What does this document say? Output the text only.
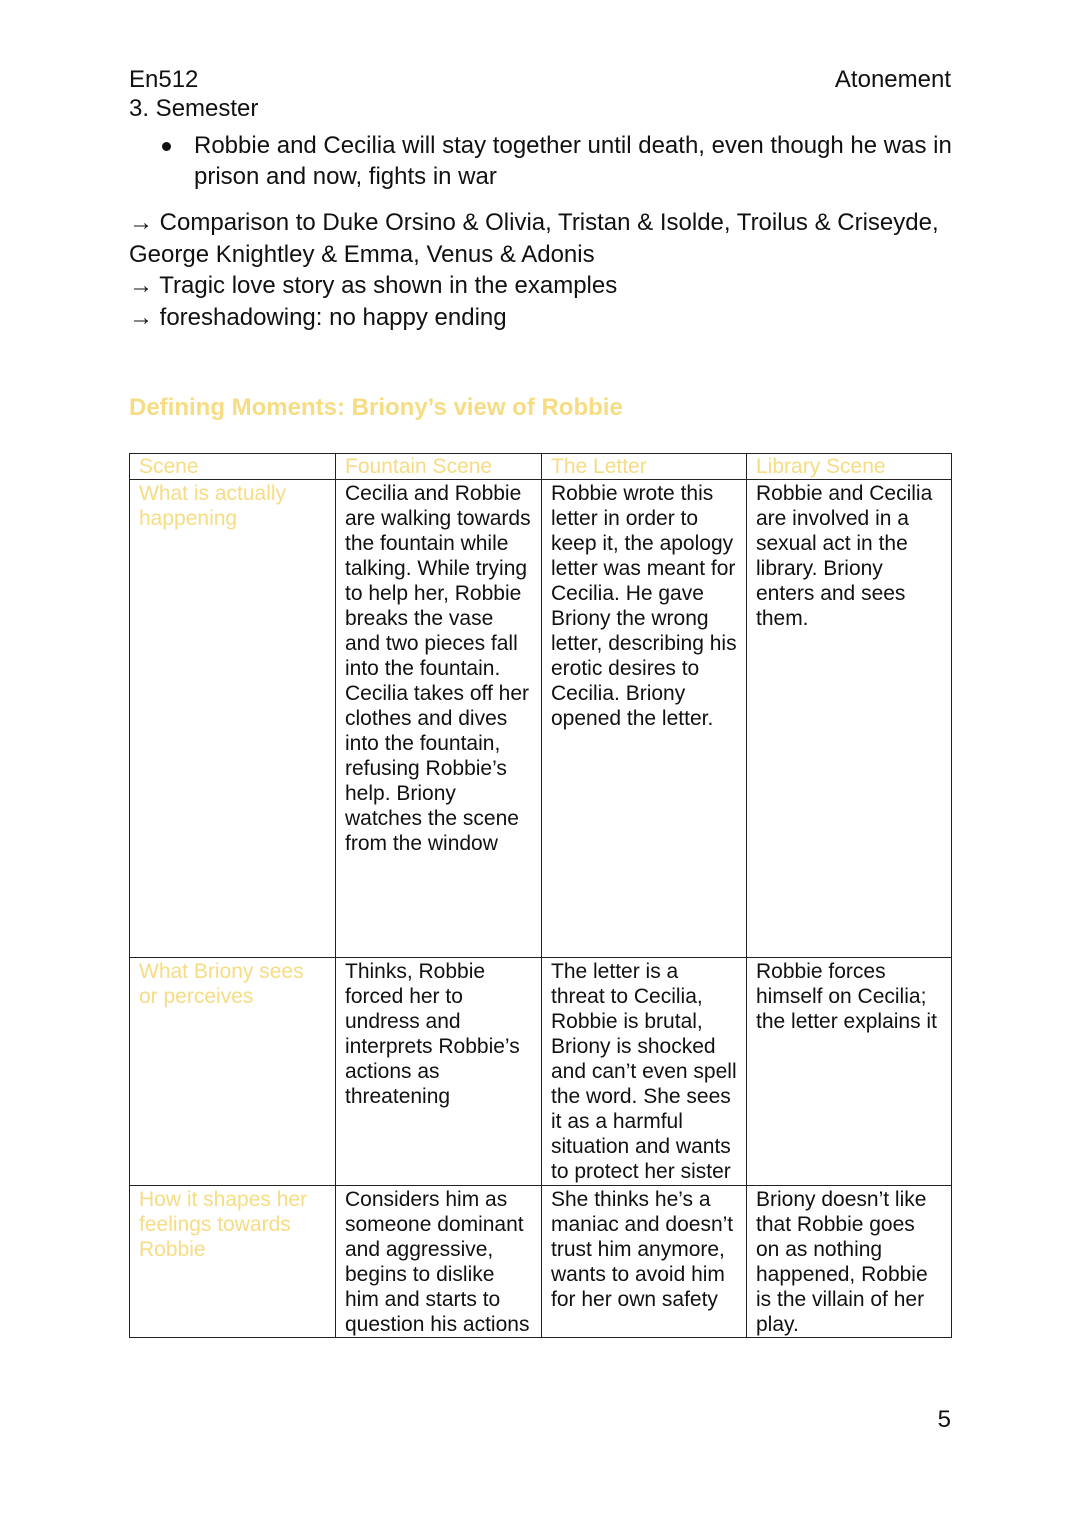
En512
3. Semester
Atonement
Robbie and Cecilia will stay together until death, even though he was in prison and now, fights in war

→ Comparison to Duke Orsino & Olivia, Tristan & Isolde, Troilus & Criseyde, George Knightley & Emma, Venus & Adonis

→ Tragic love story as shown in the examples

→ foreshadowing: no happy ending

Defining Moments: Briony’s view of Robbie
Scene	Fountain Scene	The Letter	Library Scene
What is actually happening	Cecilia and Robbie are walking towards the fountain while talking. While trying to help her, Robbie breaks the vase and two pieces fall into the fountain. Cecilia takes off her clothes and dives into the fountain, refusing Robbie’s help. Briony watches the scene from the window	Robbie wrote this letter in order to keep it, the apology letter was meant for Cecilia. He gave Briony the wrong letter, describing his erotic desires to Cecilia. Briony opened the letter.	Robbie and Cecilia are involved in a sexual act in the library. Briony enters and sees them.
What Briony sees or perceives	Thinks, Robbie forced her to undress and interprets Robbie’s actions as threatening	The letter is a threat to Cecilia, Robbie is brutal, Briony is shocked and can’t even spell the word. She sees it as a harmful situation and wants to protect her sister	Robbie forces himself on Cecilia; the letter explains it
How it shapes her feelings towards Robbie	Considers him as someone dominant and aggressive, begins to dislike him and starts to question his actions	She thinks he’s a maniac and doesn’t trust him anymore, wants to avoid him for her own safety	Briony doesn’t like that Robbie goes on as nothing happened, Robbie is the villain of her play.
5
